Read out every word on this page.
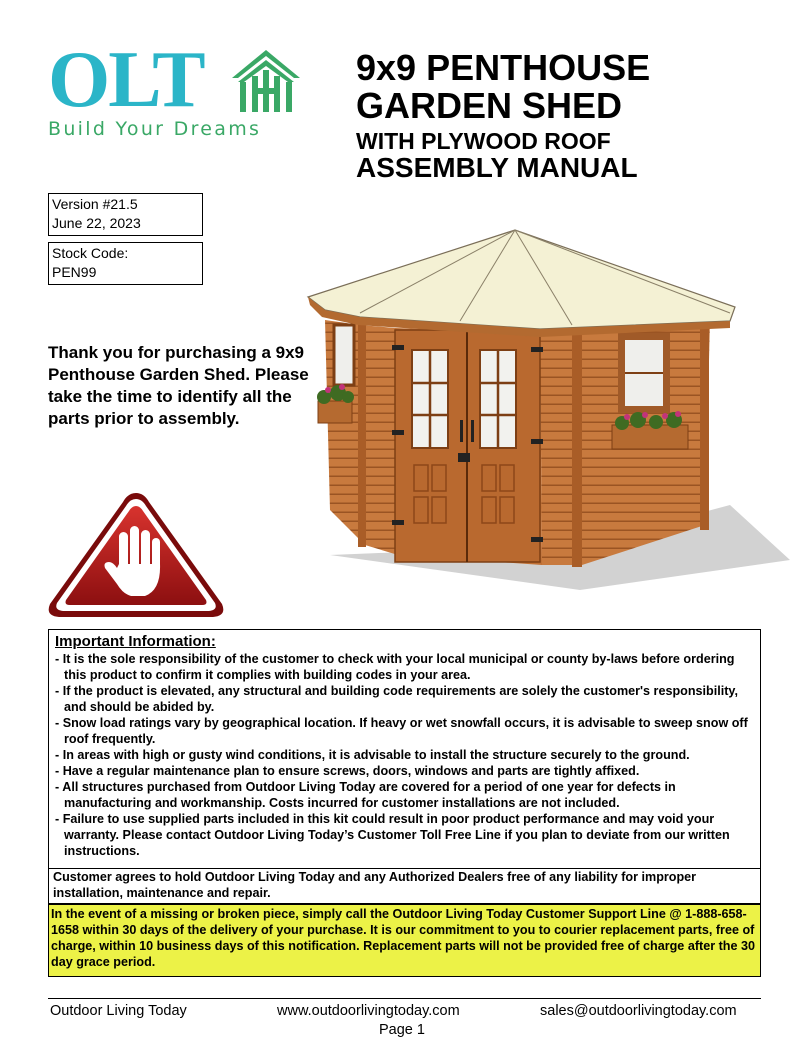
OLT
Build Your Dreams
9x9 PENTHOUSE
GARDEN SHED
WITH PLYWOOD ROOF
ASSEMBLY MANUAL
Version #21.5
June 22, 2023
Stock Code:
PEN99
Thank you for purchasing a 9x9 Penthouse Garden Shed. Please take the time to identify all the parts prior to assembly.
Important Information:
- It is the sole responsibility of the customer to check with your local municipal or county by-laws before ordering this product to confirm it complies with building codes in your area.
- If the product is elevated, any structural and building code requirements are solely the customer's responsibility, and should be abided by.
- Snow load ratings vary by geographical location. If heavy or wet snowfall occurs, it is advisable to sweep snow off roof frequently.
- In areas with high or gusty wind conditions, it is advisable to install the structure securely to the ground.
- Have a regular maintenance plan to ensure screws, doors, windows and parts are tightly affixed.
- All structures purchased from Outdoor Living Today are covered for a period of one year for defects in manufacturing and workmanship. Costs incurred for customer installations are not included.
- Failure to use supplied parts included in this kit could result in poor product performance and may void your warranty. Please contact Outdoor Living Today’s Customer Toll Free Line if you plan to deviate from our written instructions.
Customer agrees to hold Outdoor Living Today and any Authorized Dealers free of any liability for improper installation, maintenance and repair.
In the event of a missing or broken piece, simply call the Outdoor Living Today Customer Support Line @ 1-888-658-1658 within 30 days of the delivery of your purchase. It is our commitment to you to courier replacement parts, free of charge, within 10 business days of this notification. Replacement parts will not be provided free of charge after the 30 day grace period.
Outdoor Living Today	www.outdoorlivingtoday.com	sales@outdoorlivingtoday.com
Page 1
